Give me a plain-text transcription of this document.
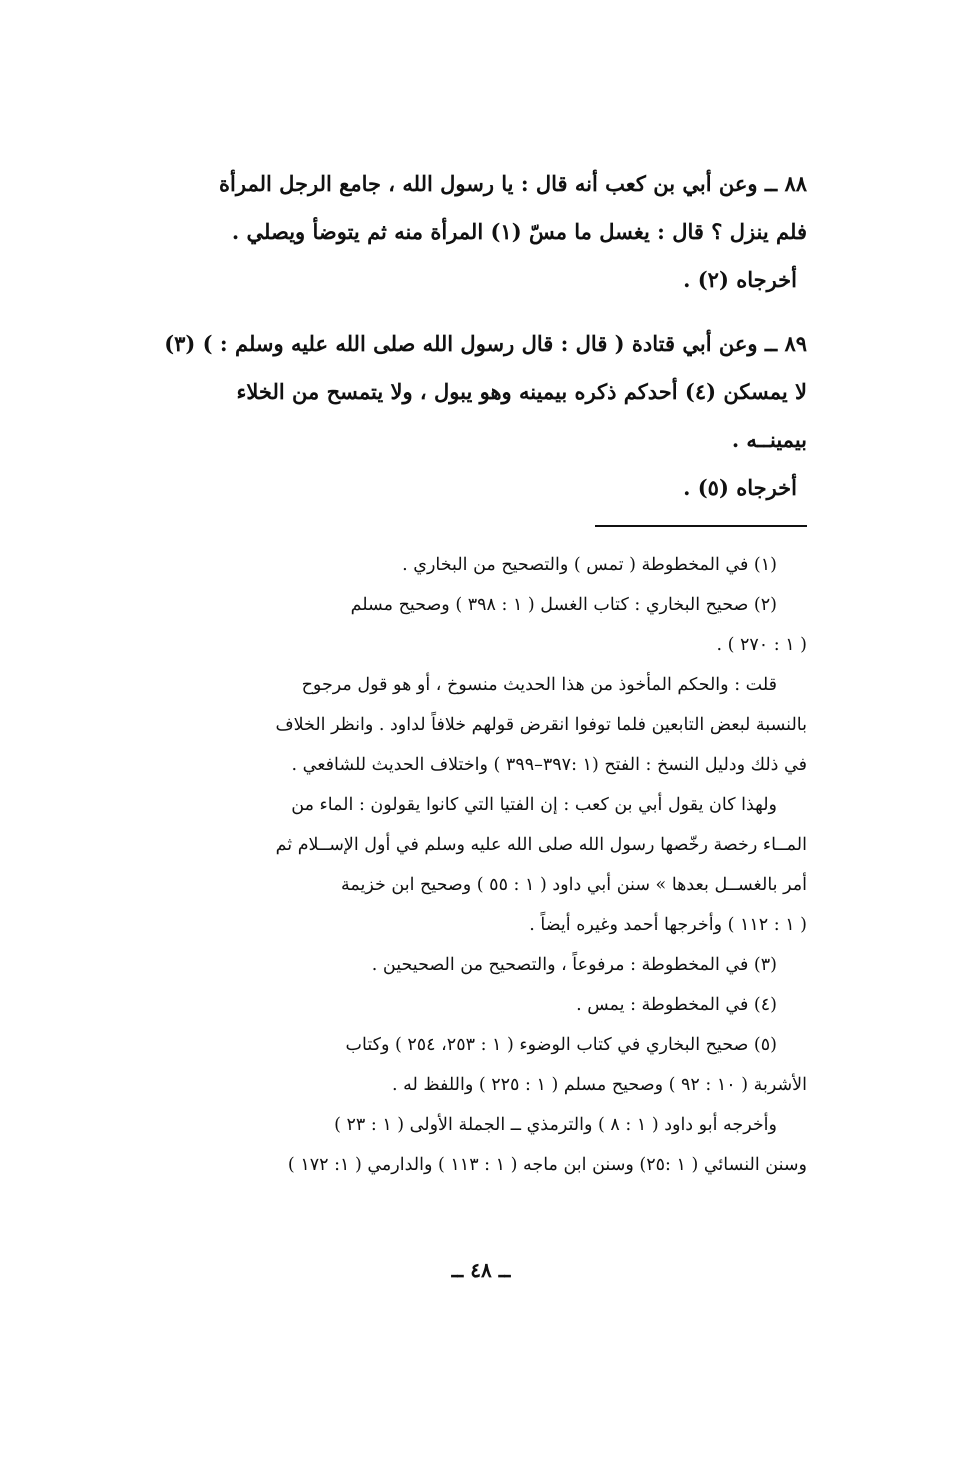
٨٨ ــ وعن أبي بن كعب أنه قال : يا رسول الله ، جامع الرجل المرأة

فلم ينزل ؟ قال : يغسل ما مسّ (١) المرأة منه ثم يتوضأ ويصلي .

أخرجاه (٢) .

٨٩ ــ وعن أبي قتادة ( قال : قال رسول الله صلى الله عليه وسلم : ) (٣)

لا يمسكن (٤) أحدكم ذكره بيمينه وهو يبول ، ولا يتمسح من الخلاء

بيمينــه .

أخرجاه (٥) .

(١) في المخطوطة ( تمس ) والتصحيح من البخاري .

(٢) صحيح البخاري : كتاب الغسل ( ١ : ٣٩٨ ) وصحيح مسلم

( ١ : ٢٧٠ ) .

قلت : والحكم المأخوذ من هذا الحديث منسوخ ، أو هو قول مرجوح

بالنسبة لبعض التابعين فلما توفوا انقرض قولهم خلافاً لداود . وانظر الخلاف

في ذلك ودليل النسخ : الفتح (١ :٣٩٧–٣٩٩ ) واختلاف الحديث للشافعي .

ولهذا كان يقول أبي بن كعب : إن الفتيا التي كانوا يقولون : الماء من

المــاء رخصة رخّصها رسول الله صلى الله عليه وسلم في أول الإســلام ثم

أمر بالغســل بعدها » سنن أبي داود ( ١ : ٥٥ ) وصحيح ابن خزيمة

( ١ : ١١٢ ) وأخرجها أحمد وغيره أيضاً .

(٣) في المخطوطة : مرفوعاً ، والتصحيح من الصحيحين .

(٤) في المخطوطة : يمس .

(٥) صحيح البخاري في كتاب الوضوء ( ١ : ٢٥٣، ٢٥٤ ) وكتاب

الأشربة ( ١٠ : ٩٢ ) وصحيح مسلم ( ١ : ٢٢٥ ) واللفظ له .

وأخرجه أبو داود ( ١ : ٨ ) والترمذي ــ الجملة الأولى ( ١ : ٢٣ )

وسنن النسائي ( ١ :٢٥) وسنن ابن ماجه ( ١ : ١١٣ ) والدارمي ( ١: ١٧٢ )

ــ ٤٨ ــ
